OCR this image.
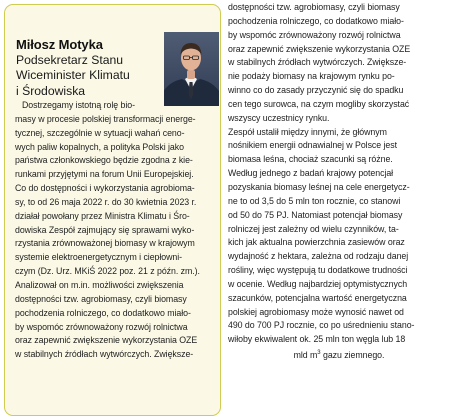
Miłosz Motyka
Podsekretarz Stanu
Wiceminister Klimatu
i Środowiska
Dostrzegamy istotną rolę bio-
masy w procesie polskiej transformacji energe-
tycznej, szczególnie w sytuacji wahań ceno-
wych paliw kopalnych, a polityka Polski jako
państwa członkowskiego będzie zgodna z kie-
runkami przyjętymi na forum Unii Europejskiej.
Co do dostępności i wykorzystania agrobioma-
sy, to od 26 maja 2022 r. do 30 kwietnia 2023 r.
działał powołany przez Ministra Klimatu i Śro-
dowiska Zespół zajmujący się sprawami wyko-
rzystania zrównoważonej biomasy w krajowym
systemie elektroenergetycznym i ciepłowni-
czym (Dz. Urz. MKiŚ 2022 poz. 21 z późn. zm.).
Analizował on m.in. możliwości zwiększenia
dostępności tzw. agrobiomasy, czyli biomasy
pochodzenia rolniczego, co dodatkowo miało-
by wspomóc zrównoważony rozwój rolnictwa
oraz zapewnić zwiększenie wykorzystania OZE
w stabilnych źródłach wytwórczych. Zwiększe-
dostępności tzw. agrobiomasy, czyli biomasy
pochodzenia rolniczego, co dodatkowo miało-
by wspomóc zrównoważony rozwój rolnictwa
oraz zapewnić zwiększenie wykorzystania OZE
w stabilnych źródłach wytwórczych. Zwiększe-
nie podaży biomasy na krajowym rynku po-
winno co do zasady przyczynić się do spadku
cen tego surowca, na czym mogliby skorzystać
wszyscy uczestnicy rynku.
Zespół ustalił między innymi, że głównym
nośnikiem energii odnawialnej w Polsce jest
biomasa leśna, chociaż szacunki są różne.
Według jednego z badań krajowy potencjał
pozyskania biomasy leśnej na cele energetycz-
ne to od 3,5 do 5 mln ton rocznie, co stanowi
od 50 do 75 PJ. Natomiast potencjał biomasy
rolniczej jest zależny od wielu czynników, ta-
kich jak aktualna powierzchnia zasiewów oraz
wydajność z hektara, zależna od rodzaju danej
rośliny, więc występują tu dodatkowe trudności
w ocenie. Według najbardziej optymistycznych
szacunków, potencjalna wartość energetyczna
polskiej agrobiomasy może wynosić nawet od
490 do 700 PJ rocznie, co po uśrednieniu stano-
wiłoby ekwiwalent ok. 25 mln ton węgla lub 18
mld $m^3$ gazu ziemnego.
